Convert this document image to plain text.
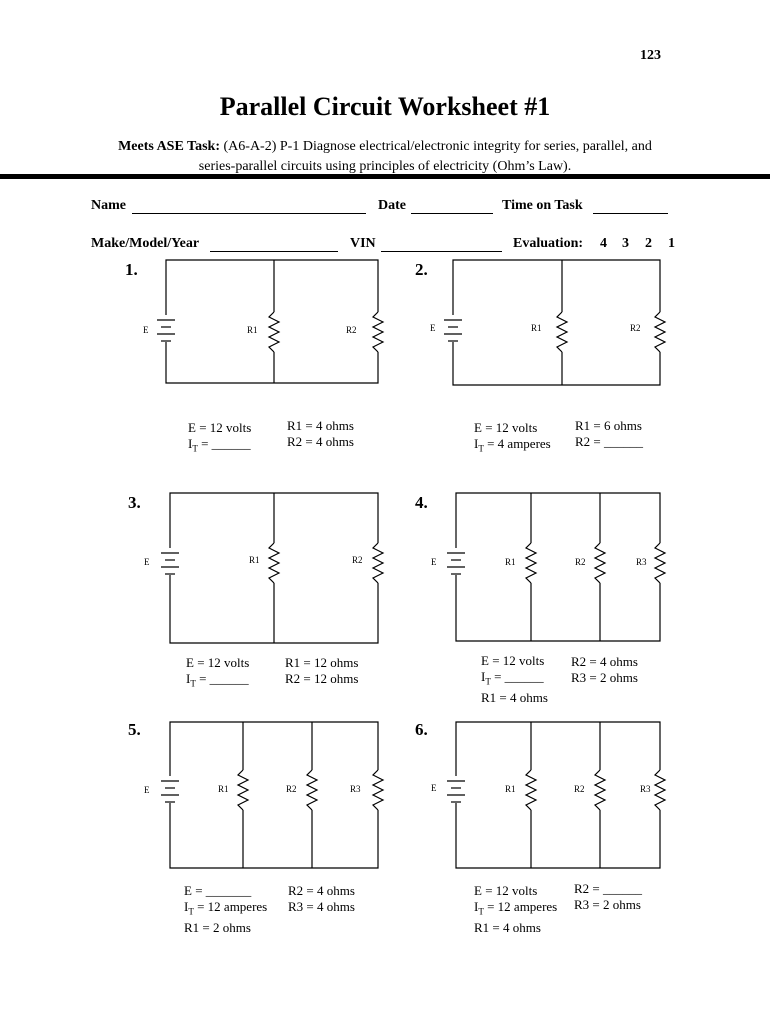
123
Parallel Circuit Worksheet #1
Meets ASE Task: (A6-A-2) P-1 Diagnose electrical/electronic integrity for series, parallel, and
series-parallel circuits using principles of electricity (Ohm’s Law).
Name	Date	Time on Task
Make/Model/Year	VIN	Evaluation: 4 3 2 1
1.
E	R1	R2	E	R1	R2
E	R1	R2	E	R1	R2	R3
E	R1	R2	R3	E	R1	R2	R3
2.
3.	4.
5.	6.
E = 12 volts
$I_T$ = ______
R1 = 4 ohms
R2 = 4 ohms
E = 12 volts
$I_T = 4$ amperes
R1 = 6 ohms
R2 = ______
E = 12 volts
$I_T$ = ______
R1 = 12 ohms
R2 = 12 ohms
E = 12 volts
$I_T$ = ______
R1 = 4 ohms
R2 = 4 ohms
R3 = 2 ohms
E = _______
$I_T = 12$ amperes
R1 = 2 ohms
R2 = 4 ohms
R3 = 4 ohms
E = 12 volts
$I_T = 12$ amperes
R1 = 4 ohms
R2 = ______
R3 = 2 ohms
